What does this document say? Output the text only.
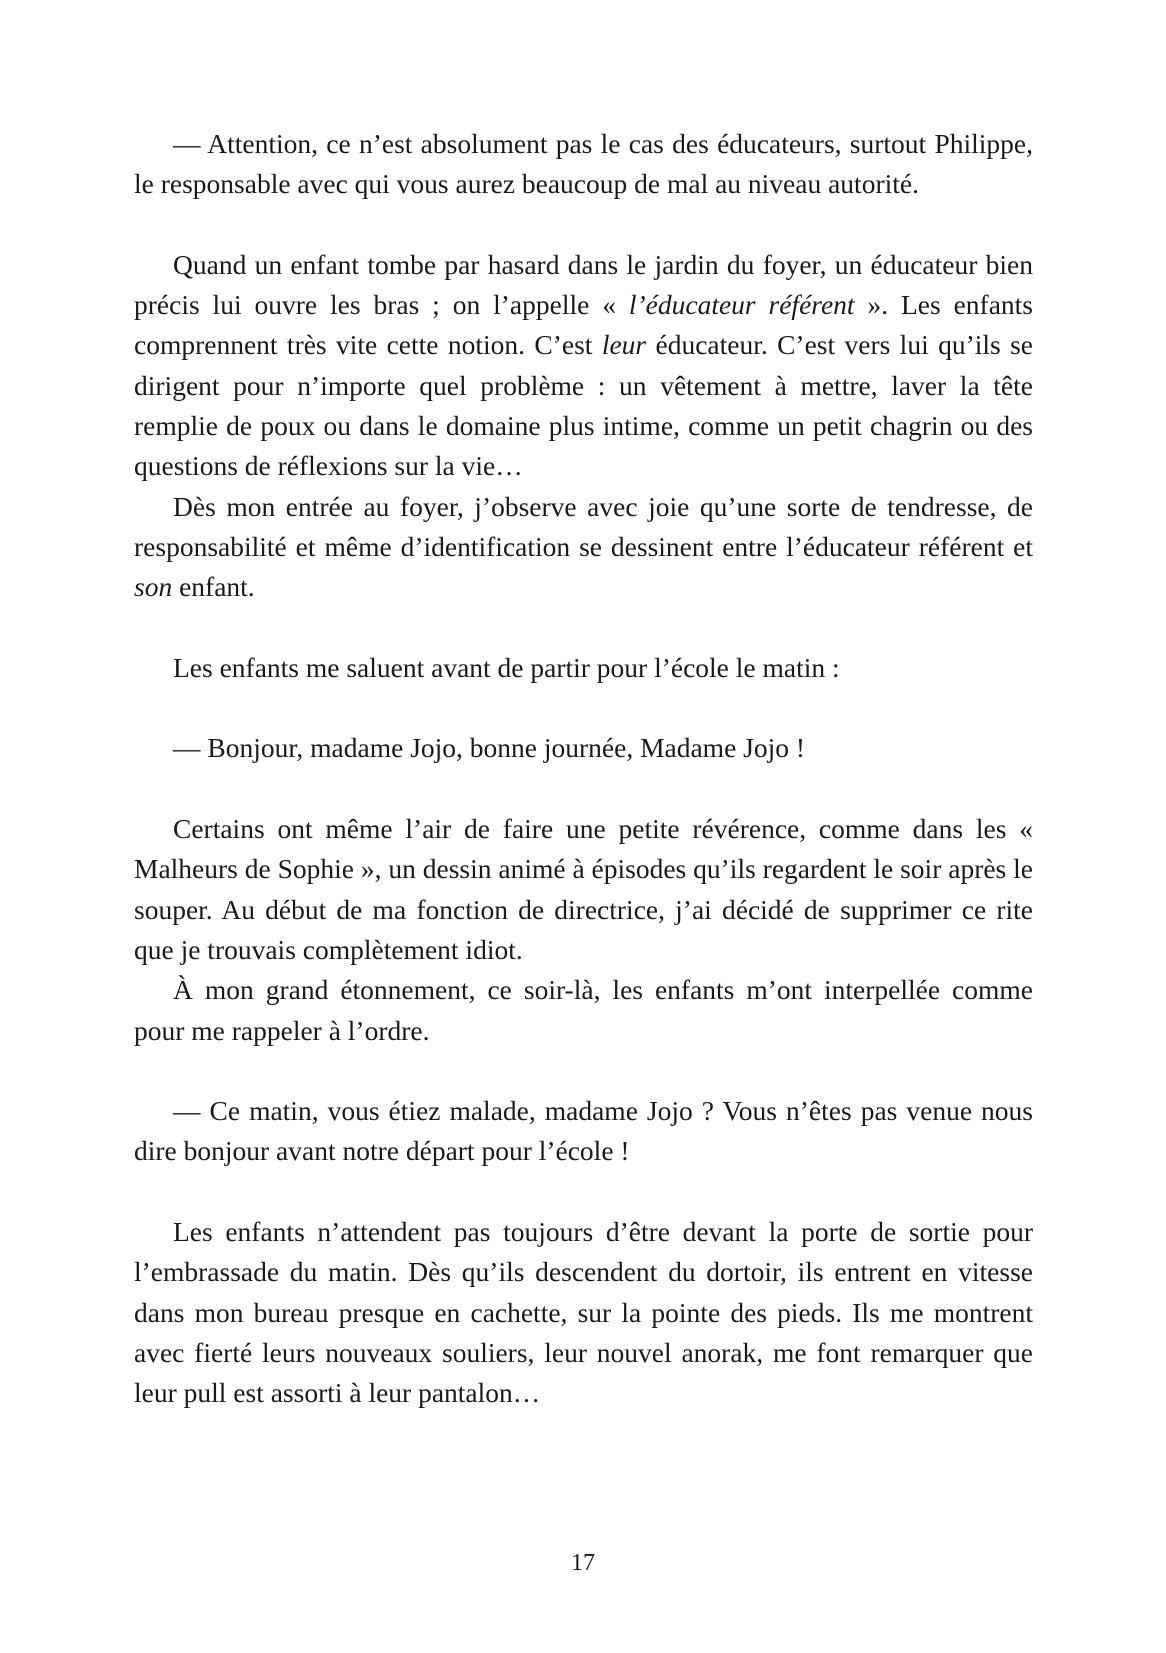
— Attention, ce n’est absolument pas le cas des éducateurs, surtout Philippe, le responsable avec qui vous aurez beaucoup de mal au niveau autorité.

Quand un enfant tombe par hasard dans le jardin du foyer, un éducateur bien précis lui ouvre les bras ; on l’appelle « l’éducateur référent ». Les enfants comprennent très vite cette notion. C’est leur éducateur. C’est vers lui qu’ils se dirigent pour n’importe quel problème : un vêtement à mettre, laver la tête remplie de poux ou dans le domaine plus intime, comme un petit chagrin ou des questions de réflexions sur la vie…

Dès mon entrée au foyer, j’observe avec joie qu’une sorte de tendresse, de responsabilité et même d’identification se dessinent entre l’éducateur référent et son enfant.

Les enfants me saluent avant de partir pour l’école le matin :

— Bonjour, madame Jojo, bonne journée, Madame Jojo !

Certains ont même l’air de faire une petite révérence, comme dans les « Malheurs de Sophie », un dessin animé à épisodes qu’ils regardent le soir après le souper. Au début de ma fonction de directrice, j’ai décidé de supprimer ce rite que je trouvais complètement idiot.

À mon grand étonnement, ce soir-là, les enfants m’ont interpellée comme pour me rappeler à l’ordre.

— Ce matin, vous étiez malade, madame Jojo ? Vous n’êtes pas venue nous dire bonjour avant notre départ pour l’école !

Les enfants n’attendent pas toujours d’être devant la porte de sortie pour l’embrassade du matin. Dès qu’ils descendent du dortoir, ils entrent en vitesse dans mon bureau presque en cachette, sur la pointe des pieds. Ils me montrent avec fierté leurs nouveaux souliers, leur nouvel anorak, me font remarquer que leur pull est assorti à leur pantalon…

17
